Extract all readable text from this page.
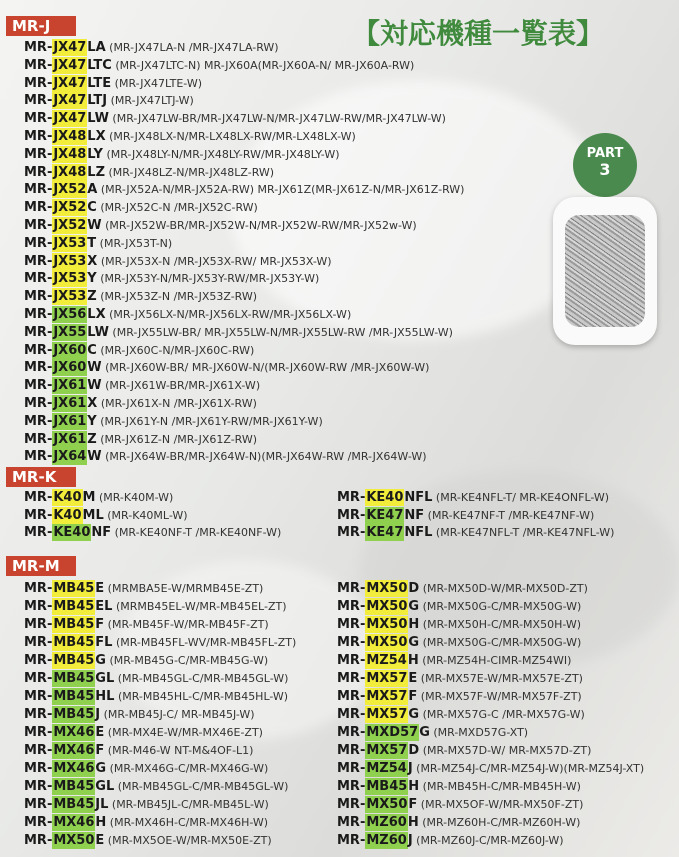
【対応機種一覧表】
PART
3
MR-J
MR-JX47LA (MR-JX47LA-N /MR-JX47LA-RW)
MR-JX47LTC (MR-JX47LTC-N) MR-JX60A(MR-JX60A-N/ MR-JX60A-RW)
MR-JX47LTE (MR-JX47LTE-W)
MR-JX47LTJ (MR-JX47LTJ-W)
MR-JX47LW (MR-JX47LW-BR/MR-JX47LW-N/MR-JX47LW-RW/MR-JX47LW-W)
MR-JX48LX (MR-JX48LX-N/MR-LX48LX-RW/MR-LX48LX-W)
MR-JX48LY (MR-JX48LY-N/MR-JX48LY-RW/MR-JX48LY-W)
MR-JX48LZ (MR-JX48LZ-N/MR-JX48LZ-RW)
MR-JX52A (MR-JX52A-N/MR-JX52A-RW) MR-JX61Z(MR-JX61Z-N/MR-JX61Z-RW)
MR-JX52C (MR-JX52C-N /MR-JX52C-RW)
MR-JX52W (MR-JX52W-BR/MR-JX52W-N/MR-JX52W-RW/MR-JX52w-W)
MR-JX53T (MR-JX53T-N)
MR-JX53X (MR-JX53X-N /MR-JX53X-RW/ MR-JX53X-W)
MR-JX53Y (MR-JX53Y-N/MR-JX53Y-RW/MR-JX53Y-W)
MR-JX53Z (MR-JX53Z-N /MR-JX53Z-RW)
MR-JX56LX (MR-JX56LX-N/MR-JX56LX-RW/MR-JX56LX-W)
MR-JX55LW (MR-JX55LW-BR/ MR-JX55LW-N/MR-JX55LW-RW /MR-JX55LW-W)
MR-JX60C (MR-JX60C-N/MR-JX60C-RW)
MR-JX60W (MR-JX60W-BR/ MR-JX60W-N/(MR-JX60W-RW /MR-JX60W-W)
MR-JX61W (MR-JX61W-BR/MR-JX61X-W)
MR-JX61X (MR-JX61X-N /MR-JX61X-RW)
MR-JX61Y (MR-JX61Y-N /MR-JX61Y-RW/MR-JX61Y-W)
MR-JX61Z (MR-JX61Z-N /MR-JX61Z-RW)
MR-JX64W (MR-JX64W-BR/MR-JX64W-N)(MR-JX64W-RW /MR-JX64W-W)
MR-K
MR-K40M (MR-K40M-W)
MR-K40ML (MR-K40ML-W)
MR-KE40NF (MR-KE40NF-T /MR-KE40NF-W)
MR-KE40NFL (MR-KE4NFL-T/ MR-KE4ONFL-W)
MR-KE47NF (MR-KE47NF-T /MR-KE47NF-W)
MR-KE47NFL (MR-KE47NFL-T /MR-KE47NFL-W)
MR-M
MR-MB45E (MRMBA5E-W/MRMB45E-ZT)
MR-MB45EL (MRMB45EL-W/MR-MB45EL-ZT)
MR-MB45F (MR-MB45F-W/MR-MB45F-ZT)
MR-MB45FL (MR-MB45FL-WV/MR-MB45FL-ZT)
MR-MB45G (MR-MB45G-C/MR-MB45G-W)
MR-MB45GL (MR-MB45GL-C/MR-MB45GL-W)
MR-MB45HL (MR-MB45HL-C/MR-MB45HL-W)
MR-MB45J (MR-MB45J-C/ MR-MB45J-W)
MR-MX46E (MR-MX4E-W/MR-MX46E-ZT)
MR-MX46F (MR-M46-W NT-M&4OF-L1)
MR-MX46G (MR-MX46G-C/MR-MX46G-W)
MR-MB45GL (MR-MB45GL-C/MR-MB45GL-W)
MR-MB45JL (MR-MB45JL-C/MR-MB45L-W)
MR-MX46H (MR-MX46H-C/MR-MX46H-W)
MR-MX50E (MR-MX5OE-W/MR-MX50E-ZT)
MR-MX50D (MR-MX50D-W/MR-MX50D-ZT)
MR-MX50G (MR-MX50G-C/MR-MX50G-W)
MR-MX50H (MR-MX50H-C/MR-MX50H-W)
MR-MX50G (MR-MX50G-C/MR-MX50G-W)
MR-MZ54H (MR-MZ54H-CIMR-MZ54WI)
MR-MX57E (MR-MX57E-W/MR-MX57E-ZT)
MR-MX57F (MR-MX57F-W/MR-MX57F-ZT)
MR-MX57G (MR-MX57G-C /MR-MX57G-W)
MR-MXD57G (MR-MXD57G-XT)
MR-MX57D (MR-MX57D-W/ MR-MX57D-ZT)
MR-MZ54J (MR-MZ54J-C/MR-MZ54J-W)(MR-MZ54J-XT)
MR-MB45H (MR-MB45H-C/MR-MB45H-W)
MR-MX50F (MR-MX5OF-W/MR-MX50F-ZT)
MR-MZ60H (MR-MZ60H-C/MR-MZ60H-W)
MR-MZ60J (MR-MZ60J-C/MR-MZ60J-W)
